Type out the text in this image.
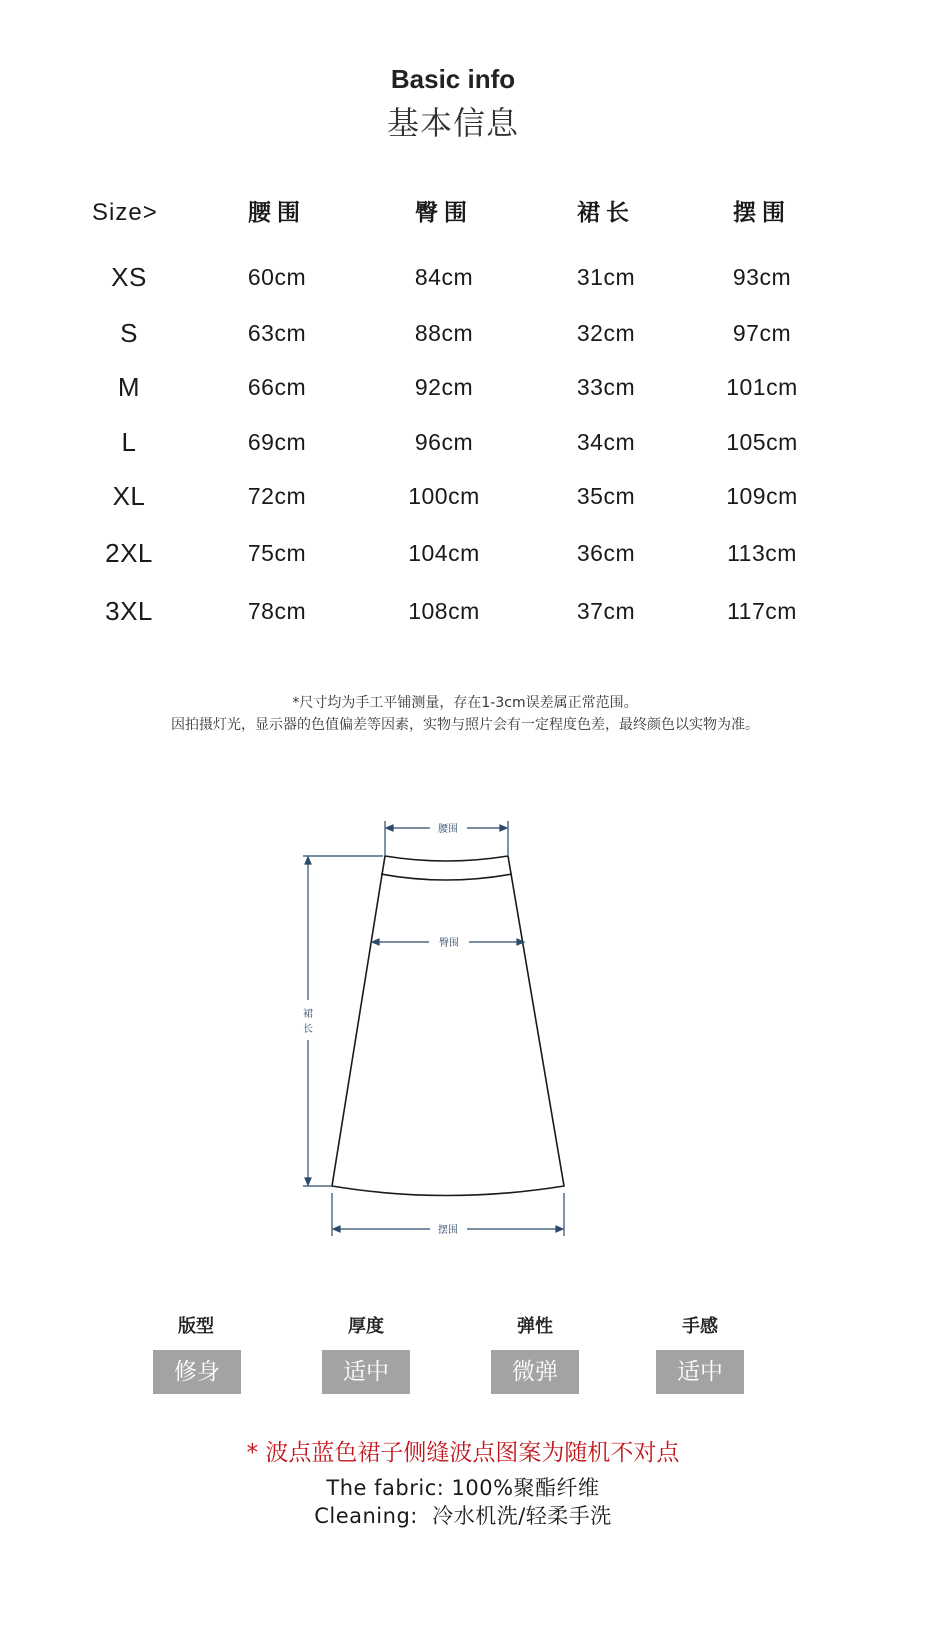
Basic info
基本信息
Size>	腰围	臀围	裙长	摆围
XS	60cm	84cm	31cm	93cm
S	63cm	88cm	32cm	97cm
M	66cm	92cm	33cm	101cm
L	69cm	96cm	34cm	105cm
XL	72cm	100cm	35cm	109cm
2XL	75cm	104cm	36cm	113cm
3XL	78cm	108cm	37cm	117cm
*尺寸均为手工平铺测量，存在1-3cm误差属正常范围。
因拍摄灯光，显示器的色值偏差等因素，实物与照片会有一定程度色差，最终颜色以实物为准。
腰围
臀围
裙
长
摆围
版型	厚度	弹性	手感
修身	适中	微弹	适中
* 波点蓝色裙子侧缝波点图案为随机不对点
The fabric: 100%聚酯纤维
Cleaning:  冷水机洗/轻柔手洗
